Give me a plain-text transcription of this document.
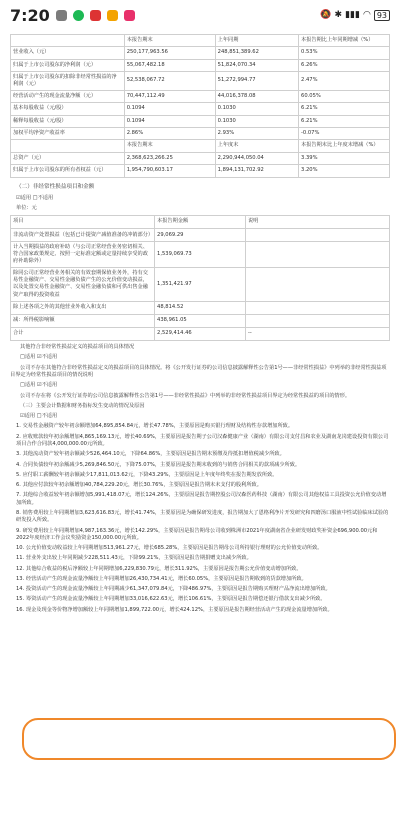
7:20	🔕 ✱ ▮▮▮ ◠ 93
	本报告期末	上年同期	本报告期比上年同期增减（%）
营业收入（元）	250,177,963.56	248,851,389.62	0.53%
归属于上市公司股东的净利润（元）	55,067,482.18	51,824,070.34	6.26%
归属于上市公司股东的扣除非经常性损益的净利润（元）	52,538,067.72	51,272,994.77	2.47%
经营活动产生的现金流量净额（元）	70,447,112.49	44,016,378.08	60.05%
基本每股收益（元/股）	0.1094	0.1030	6.21%
稀释每股收益（元/股）	0.1094	0.1030	6.21%
加权平均净资产收益率	2.86%	2.93%	-0.07%
	本报告期末	上年度末	本报告期末比上年度末增减（%）
总资产（元）	2,368,623,266.25	2,290,944,050.04	3.39%
归属于上市公司股东的所有者权益（元）	1,954,790,603.17	1,894,131,702.92	3.20%
（二）非经常性损益项目和金额
☑适用 □不适用
单位：元
项目	本报告期金额	说明
非流动资产处置损益（包括已计提资产减值准备的冲销部分）	29,069.29	
计入当期损益的政府补助（与公司正常经营业务密切相关、符合国家政策规定、按照一定标准定额或定量持续享受的政府补助除外）	1,539,069.73	
除同公司正常经营业务相关的有效套期保值业务外，持有交易性金融资产、交易性金融负债产生的公允价值变动损益，以及处置交易性金融资产、交易性金融负债和可供出售金融资产取得的投资收益	1,351,421.97	
除上述各项之外的其他营业外收入和支出	48,814.52	
减：所得税影响额	438,961.05	
合计	2,529,414.46	--

其他符合非经常性损益定义的损益项目的具体情况

□适用 ☑不适用

公司不存在其他符合非经常性损益定义的损益项目的具体情况。将《公开发行证券的公司信息披露解释性公告第1号——非经常性损益》中列举的非经常性损益项目界定为经常性损益项目的情况说明

□适用 ☑不适用

公司不存在将《公开发行证券的公司信息披露解释性公告第1号——非经常性损益》中列举的非经常性损益项目界定为经常性损益的项目的情形。

（三）主要会计数据和财务指标发生变动的情况及原因

☑适用 □不适用

1. 交易性金融资产较年初余额增加64,895,854.84元，增长47.78%，主要原因是购买银行理财及结构性存款增加所致。

2. 应收账款较年初余额增加4,865,169.13元，增长40.69%，主要原因是报告期子公司汉森健康产业（湖南）有限公司支付昌和农业及湖南龙岗建设投资有限公司项目合作合同款4,000,000.00元所致。

3. 其他流动资产较年初余额减少526,464.10元，下降64.86%，主要原因是报告期末预缴及待抵扣增值税减少所致。

4. 合同负债较年初余额减少5,269,846.50元，下降75.07%，主要原因是报告期末收到的与销售合同相关的款项减少所致。

5. 应付职工薪酬较年初余额减少17,811,013.62元，下降43.29%，主要原因是上年度年终奖在报告期发放所致。

6. 其他应付款较年初余额增加40,784,229.20元，增长30.76%，主要原因是报告期末未支付的股利所致。

7. 其他综合收益较年初余额增加5,991,418.07元，增长124.26%，主要原因是报告期控股公司汉森医药科技（湖南）有限公司其他权益工具投资公允价值变动增加所致。

8. 销售费用较上年同期增加3,623,616.83元，增长41.74%，主要原因是为确保研发进度，报告期加大了恩格利净片开发研究和四磨汤口服液中性试验临床试验的研发投入所致。

9. 研发费用较上年同期增加4,987,163.36元，增长142.29%，主要原因是报告期母公司收到株洲市2021年度湖南省企业研发财政奖补资金696,900.00元和2022年度经济工作会议奖励资金150,000.00元所致。

10. 公允价值变动收益较上年同期增加513,961.27元，增长685.28%，主要原因是报告期母公司所持银行理财的公允价值变动所致。

11. 营业外支出较上年同期减少228,511.43元，下降99.21%，主要原因是报告期捐赠支出减少所致。

12. 其他综合收益的税后净额较上年同期增加6,229,830.79元，增长311.92%，主要原因是报告期公允价值变动增加所致。

13. 经营活动产生的现金流量净额较上年同期增加26,430,734.41元，增长60.05%，主要原因是报告期收到的货款增加所致。

14. 投资活动产生的现金流量净额较上年同期减少61,347,079.84元，下降486.97%，主要原因是报告期购买理财产品净流出增加所致。

15. 筹资活动产生的现金流量净额较上年同期增加33,016,622.63元，增长106.61%，主要原因是报告期偿还银行借款支出减少所致。

16. 现金及现金等价物净增加额较上年同期增加1,899,722.00元，增长424.12%，主要原因是报告期经营活动产生的现金流量增加所致。
